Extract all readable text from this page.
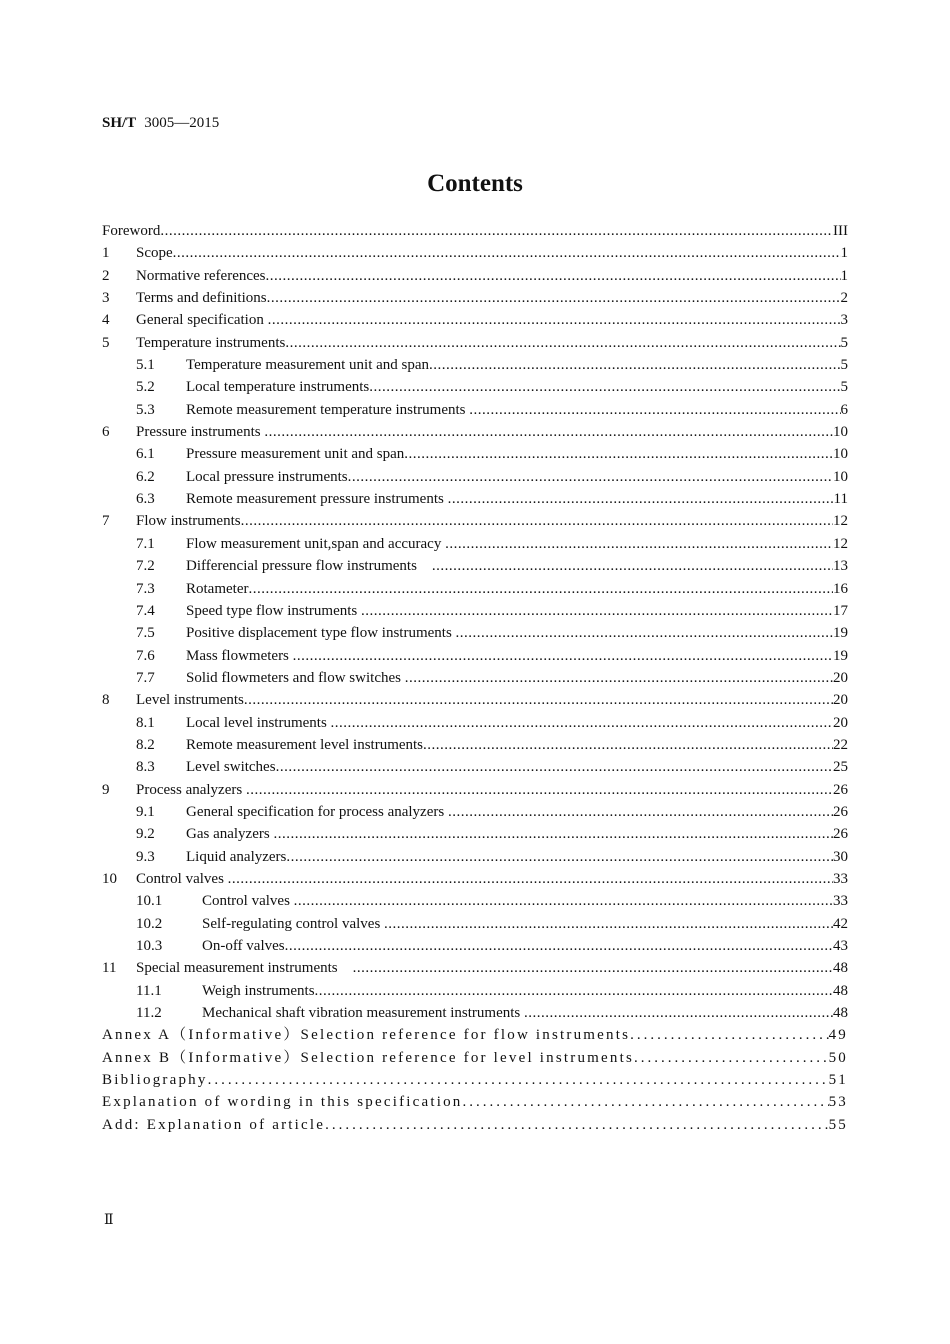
SH/T 3005—2015
Contents
Foreword .....	III
1	Scope .....	1
2	Normative references .....	1
3	Terms and definitions .....	2
4	General specification .....	3
5	Temperature instruments .....	5
5.1	Temperature measurement unit and span .....	5
5.2	Local temperature instruments .....	5
5.3	Remote measurement temperature instruments .....	6
6	Pressure instruments .....	10
6.1	Pressure measurement unit and span .....	10
6.2	Local pressure instruments .....	10
6.3	Remote measurement pressure instruments .....	11
7	Flow instruments .....	12
7.1	Flow measurement unit,span and accuracy .....	12
7.2	Differencial pressure flow instruments .....	13
7.3	Rotameter .....	16
7.4	Speed type flow instruments .....	17
7.5	Positive displacement type flow instruments .....	19
7.6	Mass flowmeters .....	19
7.7	Solid flowmeters and flow switches .....	20
8	Level instruments .....	20
8.1	Local level instruments .....	20
8.2	Remote measurement level instruments .....	22
8.3	Level switches .....	25
9	Process analyzers .....	26
9.1	General specification for process analyzers .....	26
9.2	Gas analyzers .....	26
9.3	Liquid analyzers .....	30
10	Control valves .....	33
10.1	Control valves .....	33
10.2	Self-regulating control valves .....	42
10.3	On-off valves .....	43
11	Special measurement instruments .....	48
11.1	Weigh instruments .....	48
11.2	Mechanical shaft vibration measurement instruments .....	48
Annex A（Informative）Selection reference for flow instruments .....	49
Annex B（Informative）Selection reference for level instruments .....	50
Bibliography .....	51
Explanation of wording in this specification .....	53
Add: Explanation of article .....	55
Ⅱ
